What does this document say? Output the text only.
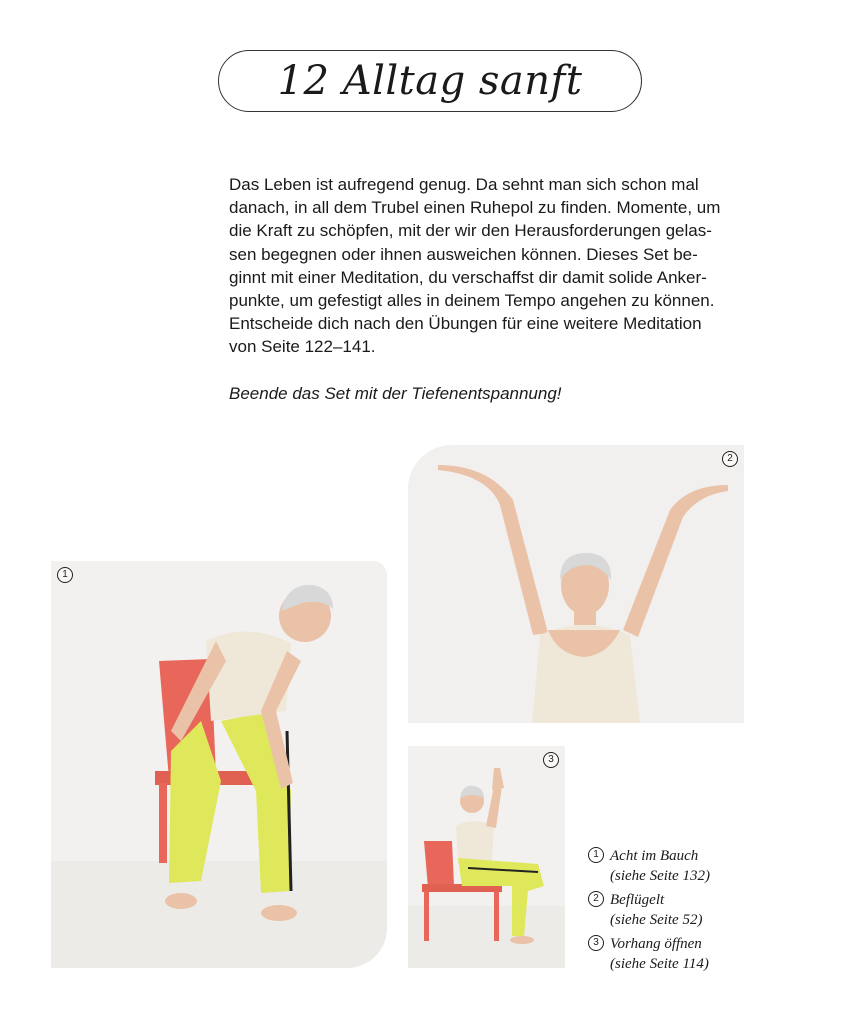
12 Alltag sanft

Das Leben ist aufregend genug. Da sehnt man sich schon mal
danach, in all dem Trubel einen Ruhepol zu finden. Momente, um
die Kraft zu schöpfen, mit der wir den Herausforderungen gelas-
sen begegnen oder ihnen ausweichen können. Dieses Set be-
ginnt mit einer Meditation, du verschaffst dir damit solide Anker-
punkte, um gefestigt alles in deinem Tempo angehen zu können.
Entscheide dich nach den Übungen für eine weitere Meditation
von Seite 122–141.

Beende das Set mit der Tiefenentspannung!

1
2
3
1 Acht im Bauch
(siehe Seite 132)
2 Beflügelt
(siehe Seite 52)
3 Vorhang öffnen
(siehe Seite 114)
